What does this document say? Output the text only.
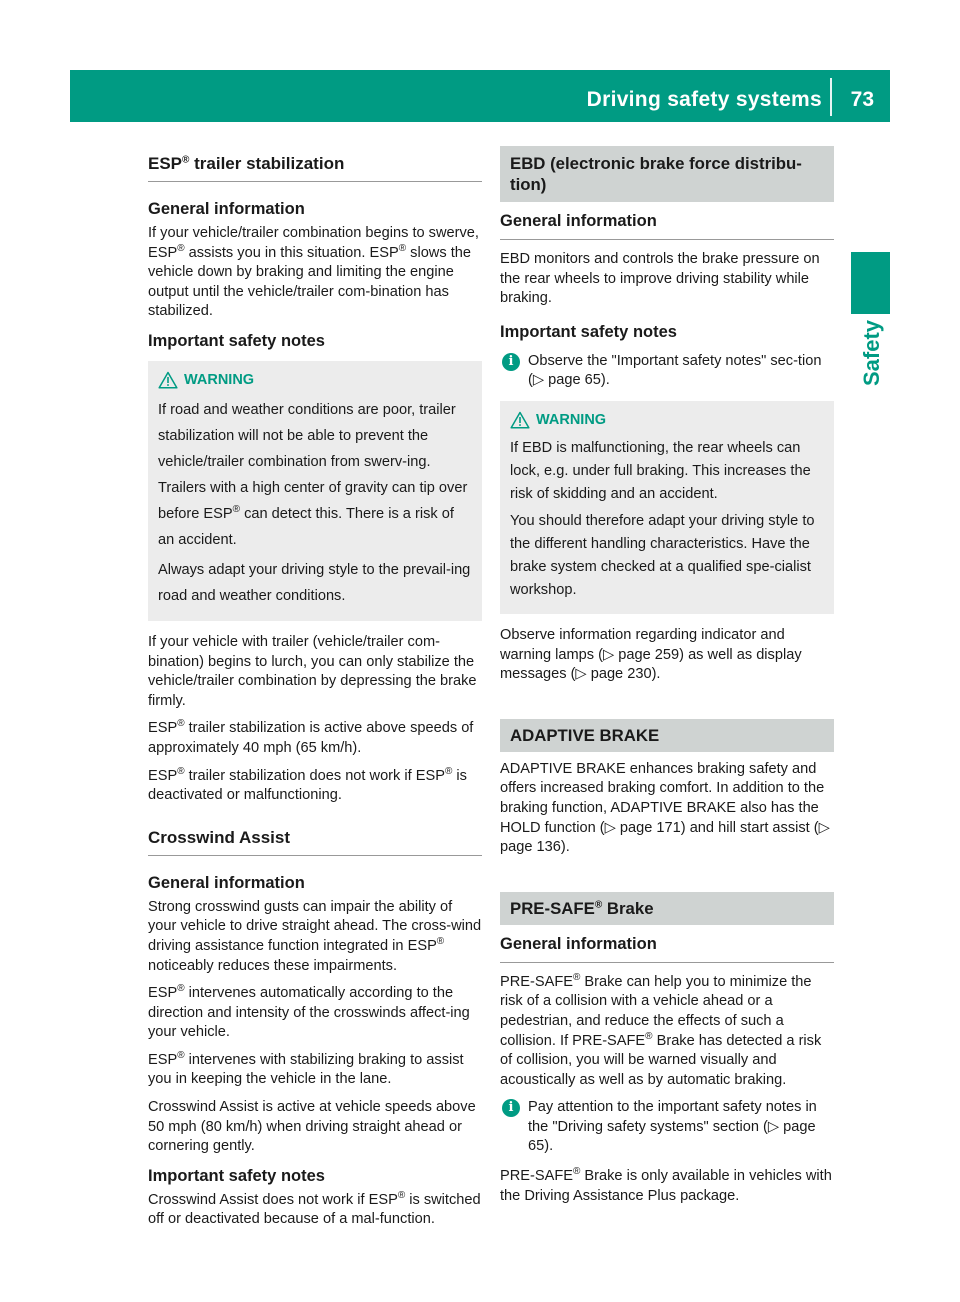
Driving safety systems 73
Safety
ESP® trailer stabilization
General information

If your vehicle/trailer combination begins to swerve, ESP® assists you in this situation. ESP® slows the vehicle down by braking and limiting the engine output until the vehicle/trailer com-bination has stabilized.

Important safety notes
WARNING

If road and weather conditions are poor, trailer stabilization will not be able to prevent the vehicle/trailer combination from swerv-ing. Trailers with a high center of gravity can tip over before ESP® can detect this. There is a risk of an accident.

Always adapt your driving style to the prevail-ing road and weather conditions.

If your vehicle with trailer (vehicle/trailer com-bination) begins to lurch, you can only stabilize the vehicle/trailer combination by depressing the brake firmly.

ESP® trailer stabilization is active above speeds of approximately 40 mph (65 km/h).

ESP® trailer stabilization does not work if ESP® is deactivated or malfunctioning.

Crosswind Assist
General information

Strong crosswind gusts can impair the ability of your vehicle to drive straight ahead. The cross-wind driving assistance function integrated in ESP® noticeably reduces these impairments.

ESP® intervenes automatically according to the direction and intensity of the crosswinds affect-ing your vehicle.

ESP® intervenes with stabilizing braking to assist you in keeping the vehicle in the lane.

Crosswind Assist is active at vehicle speeds above 50 mph (80 km/h) when driving straight ahead or cornering gently.

Important safety notes

Crosswind Assist does not work if ESP® is switched off or deactivated because of a mal-function.

EBD (electronic brake force distribu-tion)
General information

EBD monitors and controls the brake pressure on the rear wheels to improve driving stability while braking.

Important safety notes
i Observe the "Important safety notes" sec-tion (▷ page 65).

WARNING

If EBD is malfunctioning, the rear wheels can lock, e.g. under full braking. This increases the risk of skidding and an accident.

You should therefore adapt your driving style to the different handling characteristics. Have the brake system checked at a qualified spe-cialist workshop.

Observe information regarding indicator and warning lamps (▷ page 259) as well as display messages (▷ page 230).

ADAPTIVE BRAKE

ADAPTIVE BRAKE enhances braking safety and offers increased braking comfort. In addition to the braking function, ADAPTIVE BRAKE also has the HOLD function (▷ page 171) and hill start assist (▷ page 136).

PRE-SAFE® Brake
General information

PRE-SAFE® Brake can help you to minimize the risk of a collision with a vehicle ahead or a pedestrian, and reduce the effects of such a collision. If PRE-SAFE® Brake has detected a risk of collision, you will be warned visually and acoustically as well as by automatic braking.

i Pay attention to the important safety notes in the "Driving safety systems" section (▷ page 65).

PRE-SAFE® Brake is only available in vehicles with the Driving Assistance Plus package.
